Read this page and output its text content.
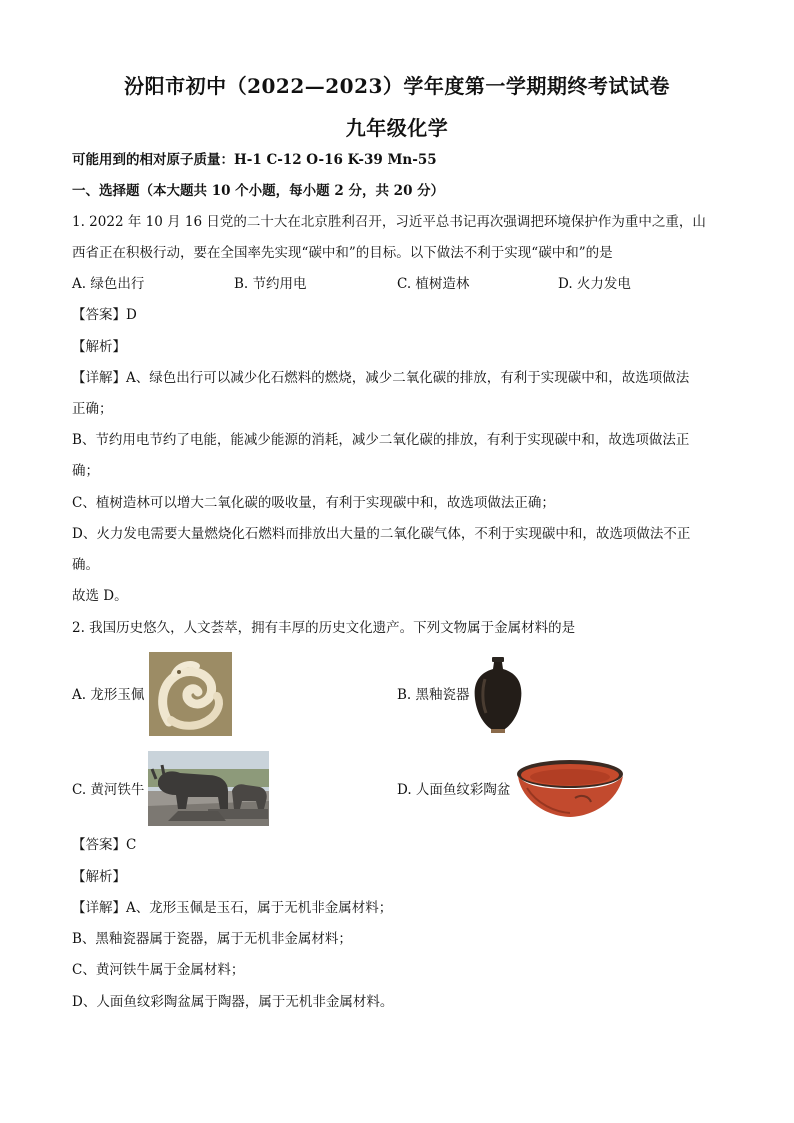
汾阳市初中（2022—2023）学年度第一学期期终考试试卷
九年级化学
可能用到的相对原子质量：H-1 C-12 O-16 K-39 Mn-55
一、选择题（本大题共 10 个小题，每小题 2 分，共 20 分）
1. 2022 年 10 月 16 日党的二十大在北京胜利召开，习近平总书记再次强调把环境保护作为重中之重，山
西省正在积极行动，要在全国率先实现“碳中和”的目标。以下做法不利于实现“碳中和”的是
A. 绿色出行	B. 节约用电	C. 植树造林	D. 火力发电
【答案】D
【解析】
【详解】A、绿色出行可以减少化石燃料的燃烧，减少二氧化碳的排放，有利于实现碳中和，故选项做法
正确；
B、节约用电节约了电能，能减少能源的消耗，减少二氧化碳的排放，有利于实现碳中和，故选项做法正
确；
C、植树造林可以增大二氧化碳的吸收量，有利于实现碳中和，故选项做法正确；
D、火力发电需要大量燃烧化石燃料而排放出大量的二氧化碳气体，不利于实现碳中和，故选项做法不正
确。
故选 D。
2. 我国历史悠久，人文荟萃，拥有丰厚的历史文化遗产。下列文物属于金属材料的是
A. 龙形玉佩	B. 黑釉瓷器
C. 黄河铁牛	D. 人面鱼纹彩陶盆
【答案】C
【解析】
【详解】A、龙形玉佩是玉石，属于无机非金属材料；
B、黑釉瓷器属于瓷器，属于无机非金属材料；
C、黄河铁牛属于金属材料；
D、人面鱼纹彩陶盆属于陶器，属于无机非金属材料。
